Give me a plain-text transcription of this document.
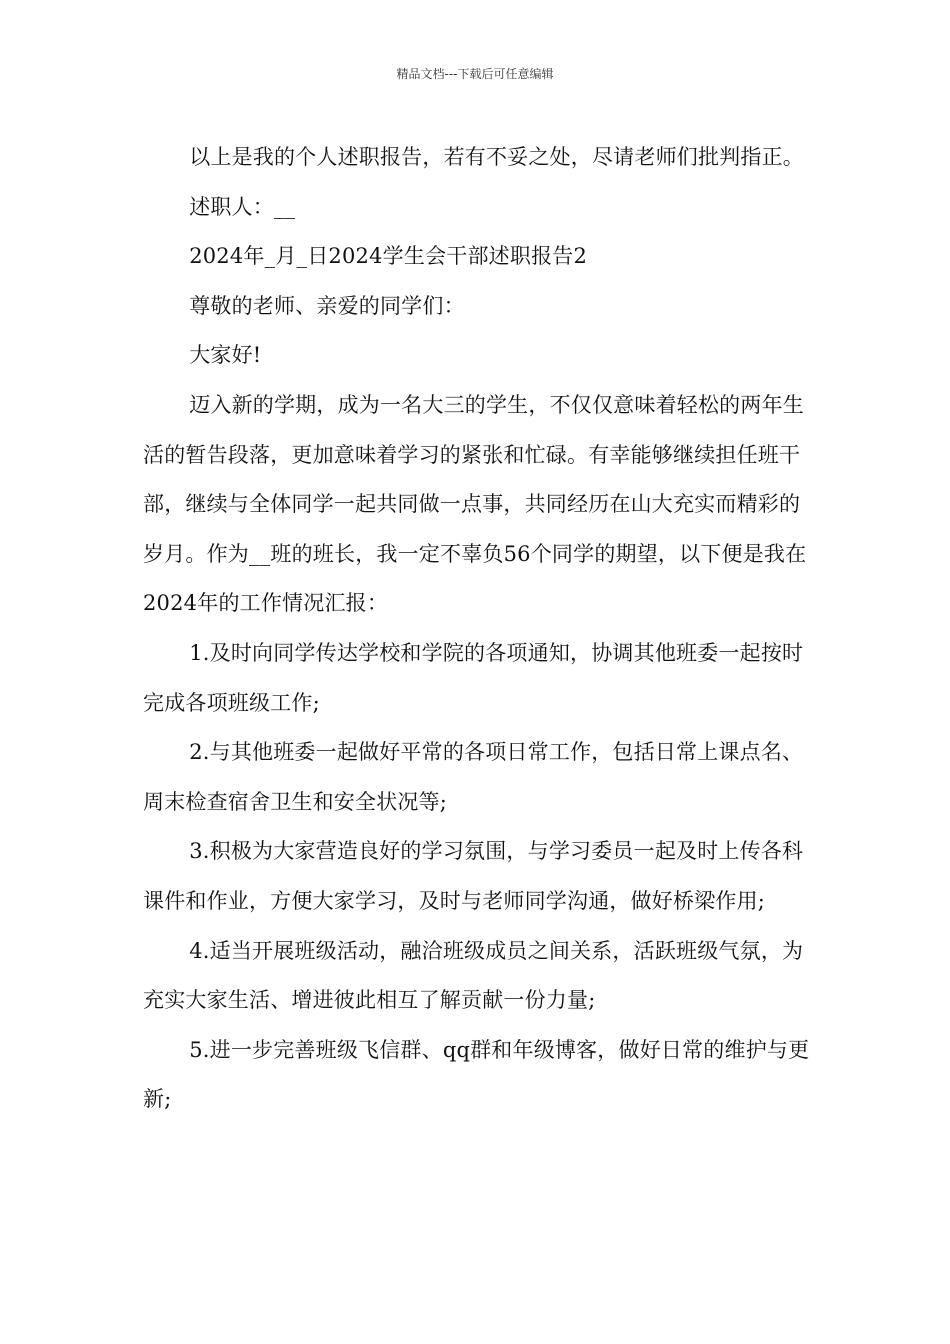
精品文档---下载后可任意编辑

以上是我的个人述职报告，若有不妥之处，尽请老师们批判指正。

述职人：__

2024年_月_日2024学生会干部述职报告2

尊敬的老师、亲爱的同学们：

大家好!

迈入新的学期，成为一名大三的学生，不仅仅意味着轻松的两年生活的暂告段落，更加意味着学习的紧张和忙碌。有幸能够继续担任班干部，继续与全体同学一起共同做一点事，共同经历在山大充实而精彩的岁月。作为__班的班长，我一定不辜负56个同学的期望，以下便是我在2024年的工作情况汇报：

1.及时向同学传达学校和学院的各项通知，协调其他班委一起按时完成各项班级工作;

2.与其他班委一起做好平常的各项日常工作，包括日常上课点名、周末检查宿舍卫生和安全状况等;

3.积极为大家营造良好的学习氛围，与学习委员一起及时上传各科课件和作业，方便大家学习，及时与老师同学沟通，做好桥梁作用;

4.适当开展班级活动，融洽班级成员之间关系，活跃班级气氛，为充实大家生活、增进彼此相互了解贡献一份力量;

5.进一步完善班级飞信群、qq群和年级博客，做好日常的维护与更新;
